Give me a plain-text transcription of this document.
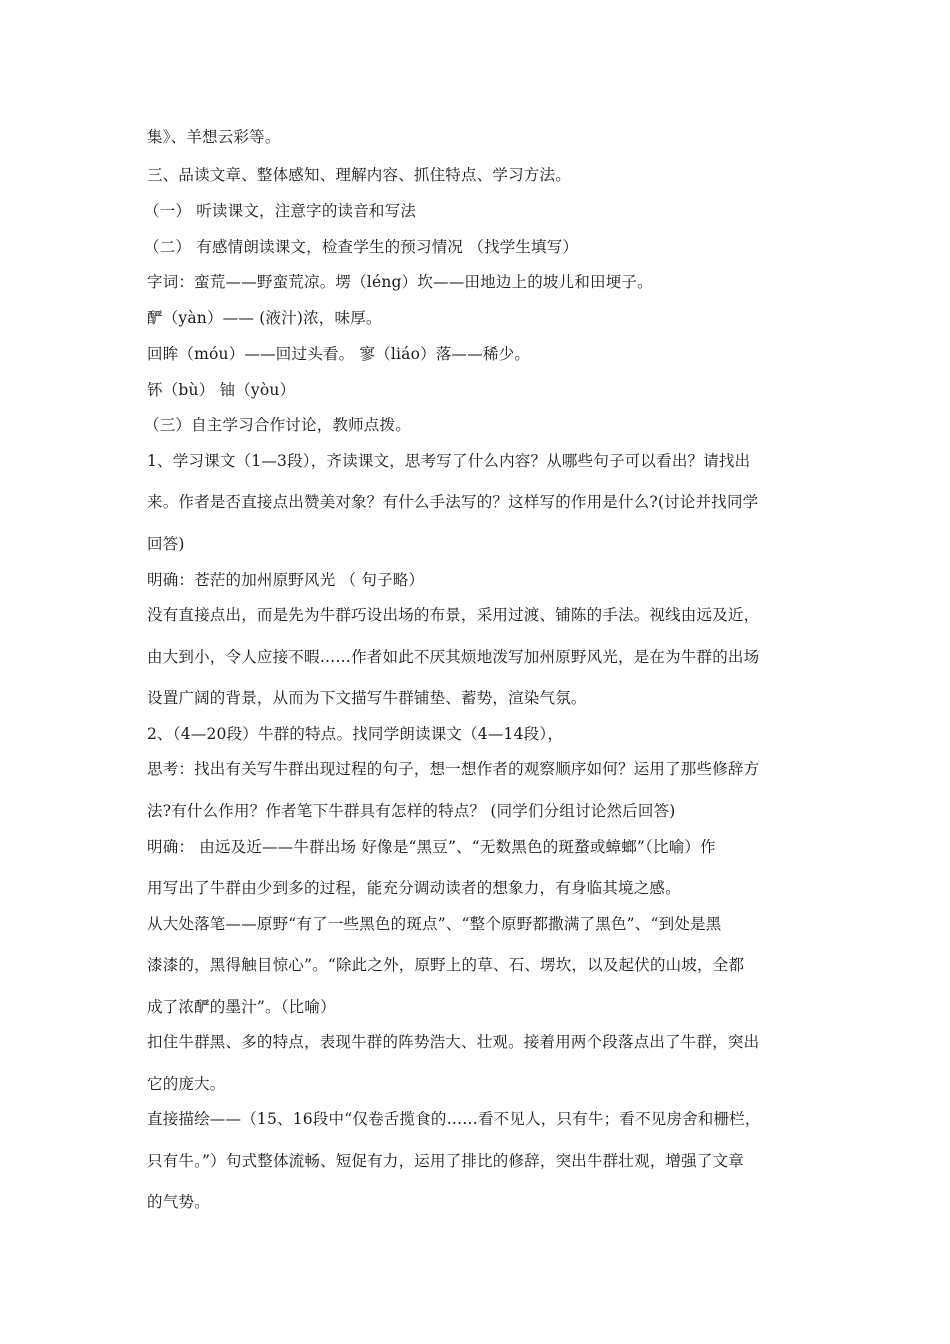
集》、羊想云彩等。
三、品读文章、整体感知、理解内容、抓住特点、学习方法。
（一） 听读课文，注意字的读音和写法
（二） 有感情朗读课文，检查学生的预习情况 （找学生填写）
字词：蛮荒——野蛮荒凉。塄（léng）坎——田地边上的坡儿和田埂子。
酽（yàn）—— (液汁)浓，味厚。
回眸（móu）——回过头看。 寥（liáo）落——稀少。
钚（bù） 铀（yòu）
（三）自主学习合作讨论，教师点拨。
1、学习课文（1—3段），齐读课文，思考写了什么内容？从哪些句子可以看出？请找出
来。作者是否直接点出赞美对象？有什么手法写的？这样写的作用是什么?(讨论并找同学
回答)
明确：苍茫的加州原野风光 （ 句子略）
没有直接点出，而是先为牛群巧设出场的布景，采用过渡、铺陈的手法。视线由远及近，
由大到小，令人应接不暇……作者如此不厌其烦地泼写加州原野风光，是在为牛群的出场
设置广阔的背景，从而为下文描写牛群铺垫、蓄势，渲染气氛。
2、（4—20段）牛群的特点。找同学朗读课文（4—14段），
思考：找出有关写牛群出现过程的句子，想一想作者的观察顺序如何？运用了那些修辞方
法?有什么作用？作者笔下牛群具有怎样的特点？ (同学们分组讨论然后回答)
明确： 由远及近——牛群出场 好像是“黑豆”、“无数黑色的斑蝥或蟑螂”（比喻）作
用写出了牛群由少到多的过程，能充分调动读者的想象力，有身临其境之感。
从大处落笔——原野“有了一些黑色的斑点”、“整个原野都撒满了黑色”、“到处是黑
漆漆的，黑得触目惊心”。“除此之外，原野上的草、石、塄坎，以及起伏的山坡，全都
成了浓酽的墨汁”。（比喻）
扣住牛群黑、多的特点，表现牛群的阵势浩大、壮观。接着用两个段落点出了牛群，突出
它的庞大。
直接描绘——（15、16段中“仅卷舌揽食的……看不见人，只有牛；看不见房舍和栅栏，
只有牛。”）句式整体流畅、短促有力，运用了排比的修辞，突出牛群壮观，增强了文章
的气势。
